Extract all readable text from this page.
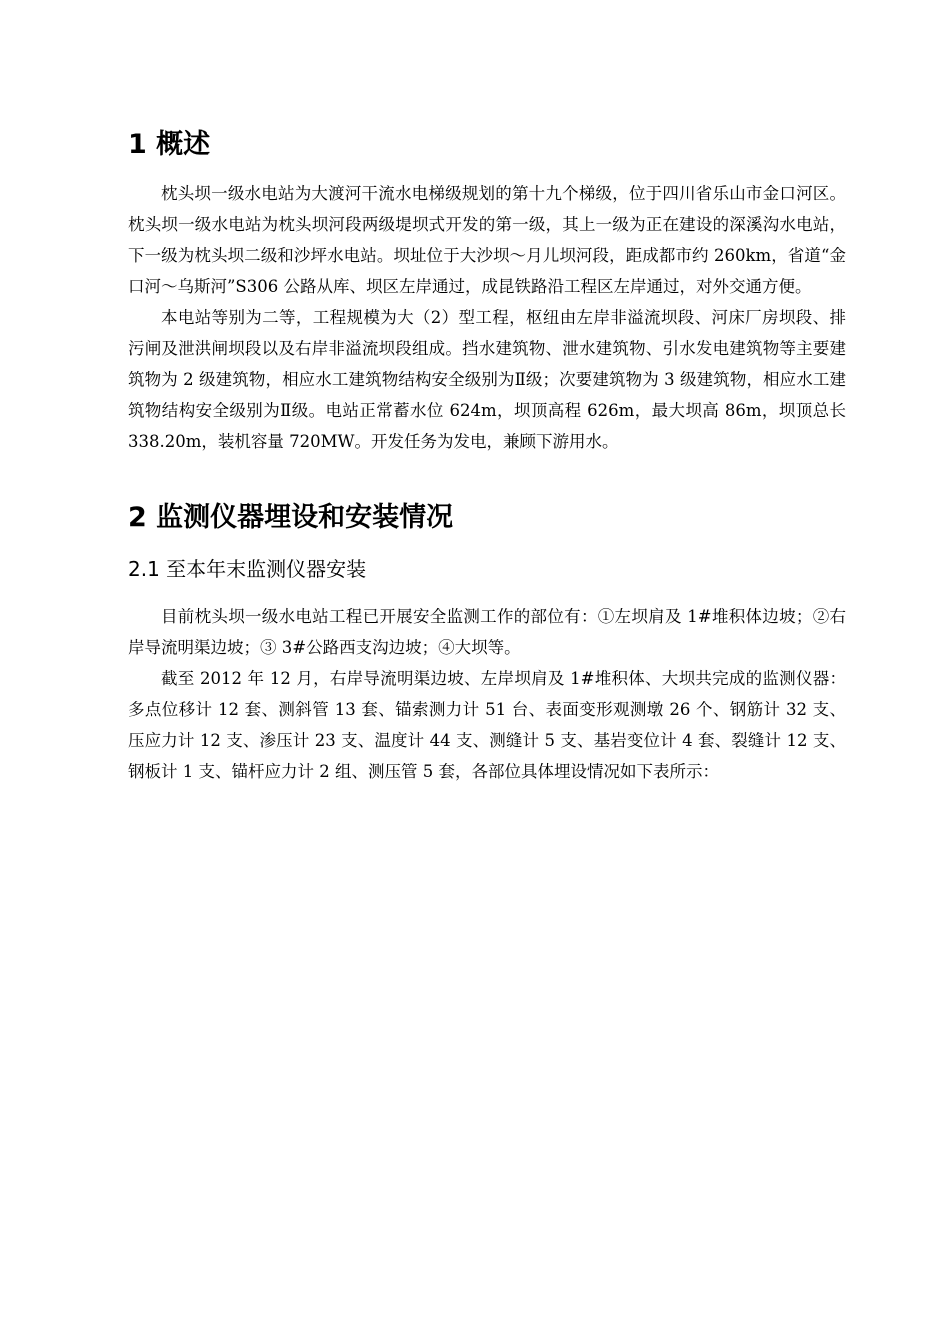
1 概述

枕头坝一级水电站为大渡河干流水电梯级规划的第十九个梯级，位于四川省乐山市金口河区。枕头坝一级水电站为枕头坝河段两级堤坝式开发的第一级，其上一级为正在建设的深溪沟水电站，下一级为枕头坝二级和沙坪水电站。坝址位于大沙坝～月儿坝河段，距成都市约 260km，省道“金口河～乌斯河”S306 公路从库、坝区左岸通过，成昆铁路沿工程区左岸通过，对外交通方便。

本电站等别为二等，工程规模为大（2）型工程，枢纽由左岸非溢流坝段、河床厂房坝段、排污闸及泄洪闸坝段以及右岸非溢流坝段组成。挡水建筑物、泄水建筑物、引水发电建筑物等主要建筑物为 2 级建筑物，相应水工建筑物结构安全级别为Ⅱ级；次要建筑物为 3 级建筑物，相应水工建筑物结构安全级别为Ⅱ级。电站正常蓄水位 624m，坝顶高程 626m，最大坝高 86m，坝顶总长 338.20m，装机容量 720MW。开发任务为发电，兼顾下游用水。

2 监测仪器埋设和安装情况
2.1 至本年末监测仪器安装

目前枕头坝一级水电站工程已开展安全监测工作的部位有：①左坝肩及 1#堆积体边坡；②右岸导流明渠边坡；③ 3#公路西支沟边坡；④大坝等。

截至 2012 年 12 月，右岸导流明渠边坡、左岸坝肩及 1#堆积体、大坝共完成的监测仪器：多点位移计 12 套、测斜管 13 套、锚索测力计 51 台、表面变形观测墩 26 个、钢筋计 32 支、压应力计 12 支、渗压计 23 支、温度计 44 支、测缝计 5 支、基岩变位计 4 套、裂缝计 12 支、钢板计 1 支、锚杆应力计 2 组、测压管 5 套，各部位具体埋设情况如下表所示：
